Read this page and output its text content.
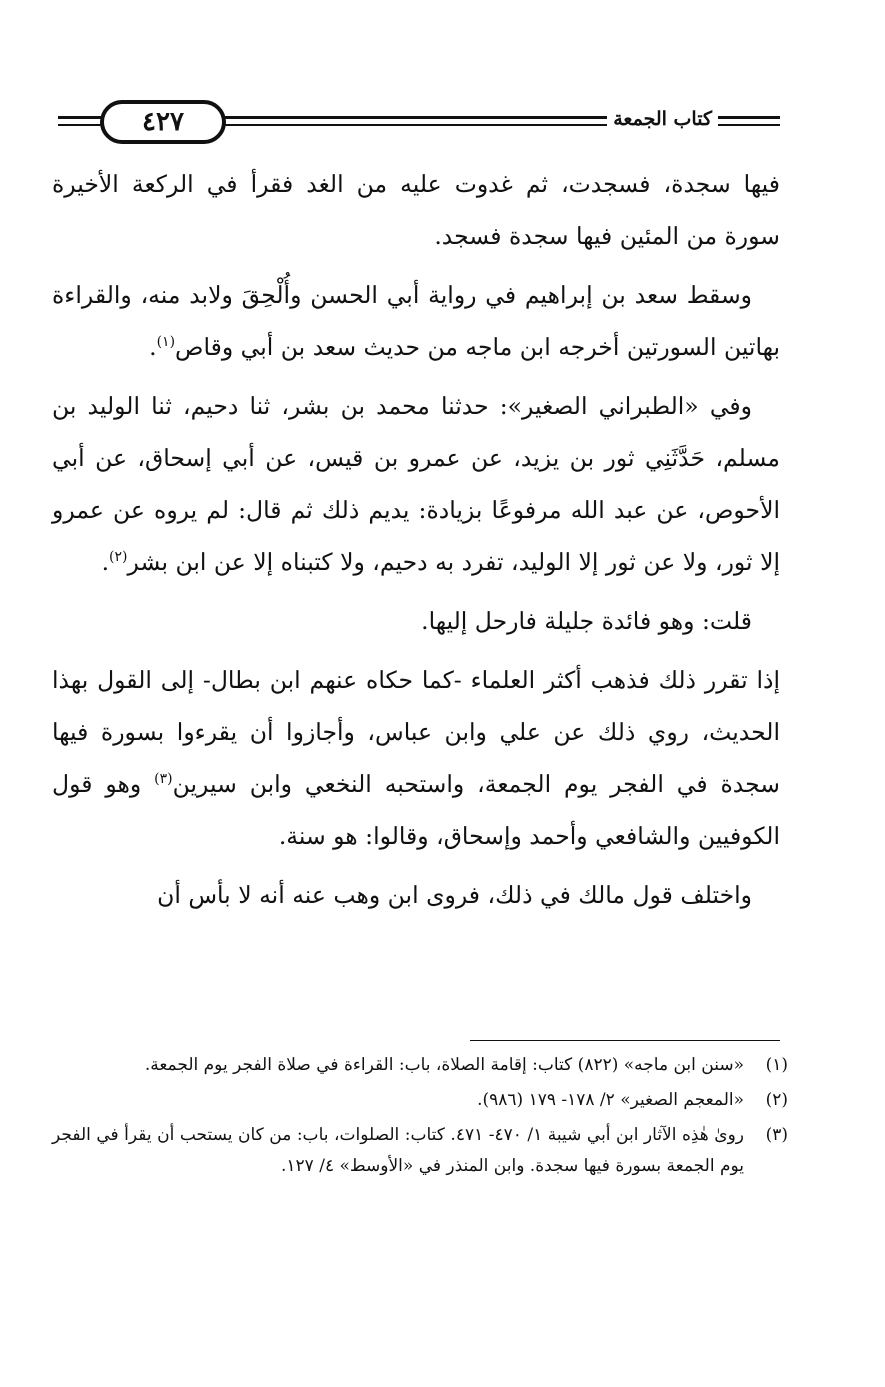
٤٢٧	كتاب الجمعة

فيها سجدة، فسجدت، ثم غدوت عليه من الغد فقرأ في الركعة الأخيرة سورة من المئين فيها سجدة فسجد.

وسقط سعد بن إبراهيم في رواية أبي الحسن وأُلْحِقَ ولابد منه، والقراءة بهاتين السورتين أخرجه ابن ماجه من حديث سعد بن أبي وقاص$^{(١)}$.

وفي «الطبراني الصغير»: حدثنا محمد بن بشر، ثنا دحيم، ثنا الوليد بن مسلم، حَدَّثَنِي ثور بن يزيد، عن عمرو بن قيس، عن أبي إسحاق، عن أبي الأحوص، عن عبد الله مرفوعًا بزيادة: يديم ذلك ثم قال: لم يروه عن عمرو إلا ثور، ولا عن ثور إلا الوليد، تفرد به دحيم، ولا كتبناه إلا عن ابن بشر$^{(٢)}$.

قلت: وهو فائدة جليلة فارحل إليها.

إذا تقرر ذلك فذهب أكثر العلماء -كما حكاه عنهم ابن بطال- إلى القول بهذا الحديث، روي ذلك عن علي وابن عباس، وأجازوا أن يقرءوا بسورة فيها سجدة في الفجر يوم الجمعة، واستحبه النخعي وابن سيرين$^{(٣)}$ وهو قول الكوفيين والشافعي وأحمد وإسحاق، وقالوا: هو سنة.

واختلف قول مالك في ذلك، فروى ابن وهب عنه أنه لا بأس أن

(١)
«سنن ابن ماجه» (٨٢٢) كتاب: إقامة الصلاة، باب: القراءة في صلاة الفجر يوم الجمعة.
(٢)
«المعجم الصغير» ٢/ ١٧٨- ١٧٩ (٩٨٦).
(٣)
روىٰ هٰذِه الآثار ابن أبي شيبة ١/ ٤٧٠- ٤٧١. كتاب: الصلوات، باب: من كان يستحب أن يقرأ في الفجر يوم الجمعة بسورة فيها سجدة. وابن المنذر في «الأوسط» ٤/ ١٢٧.
